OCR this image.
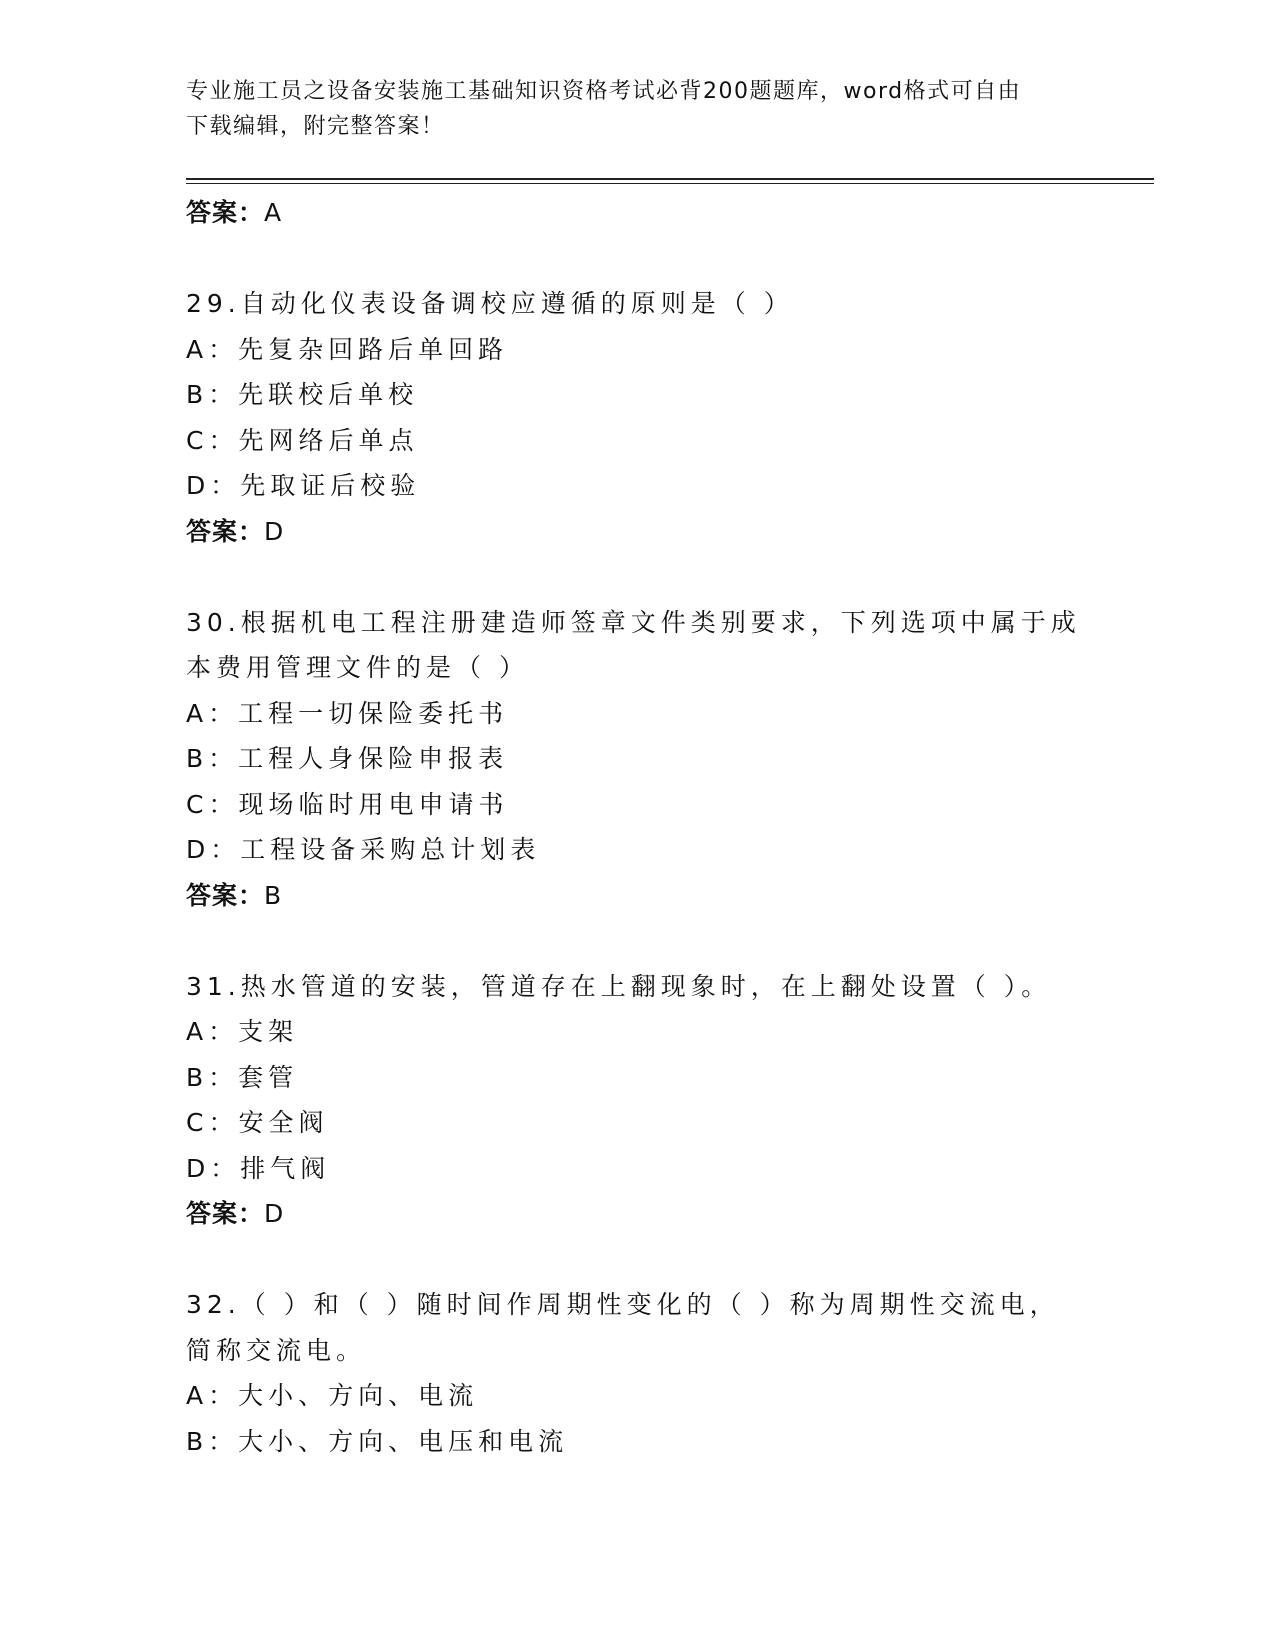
专业施工员之设备安装施工基础知识资格考试必背200题题库，word格式可自由
下载编辑，附完整答案！
答案：A
29.自动化仪表设备调校应遵循的原则是（ ）
A：先复杂回路后单回路
B：先联校后单校
C：先网络后单点
D：先取证后校验
答案：D
30.根据机电工程注册建造师签章文件类别要求，下列选项中属于成本费用管理文件的是（ ）
A：工程一切保险委托书
B：工程人身保险申报表
C：现场临时用电申请书
D：工程设备采购总计划表
答案：B
31.热水管道的安装，管道存在上翻现象时，在上翻处设置（ ）。
A：支架
B：套管
C：安全阀
D：排气阀
答案：D
32.（ ）和（ ）随时间作周期性变化的（ ）称为周期性交流电，简称交流电。
A：大小、方向、电流
B：大小、方向、电压和电流
